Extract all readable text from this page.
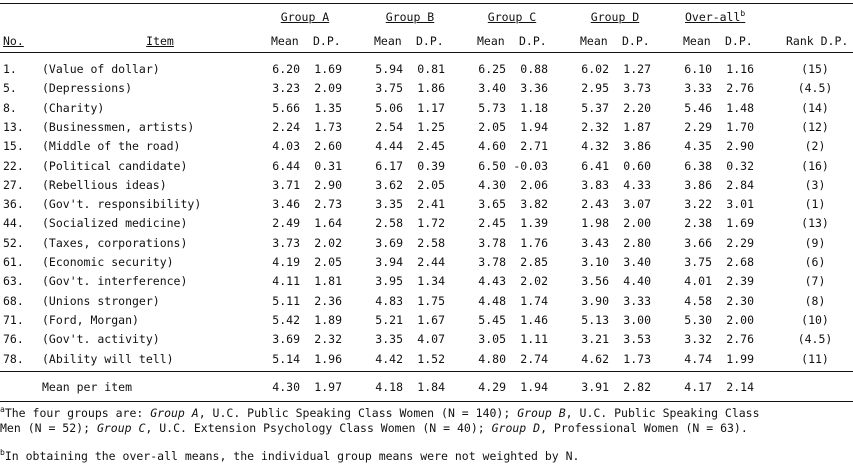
Group A	Group B	Group C	Group D	Over-all$^b$
No.	Item	Mean D.P.	Mean D.P.	Mean D.P.	Mean D.P.	Mean D.P.	Rank D.P.
1.	(Value of dollar)	6.20	1.69	5.94	0.81	6.25	0.88	6.02	1.27	6.10	1.16	(15)
5.	(Depressions)	3.23	2.09	3.75	1.86	3.40	3.36	2.95	3.73	3.33	2.76	(4.5)
8.	(Charity)	5.66	1.35	5.06	1.17	5.73	1.18	5.37	2.20	5.46	1.48	(14)
13.	(Businessmen, artists)	2.24	1.73	2.54	1.25	2.05	1.94	2.32	1.87	2.29	1.70	(12)
15.	(Middle of the road)	4.03	2.60	4.44	2.45	4.60	2.71	4.32	3.86	4.35	2.90	(2)
22.	(Political candidate)	6.44	0.31	6.17	0.39	6.50 -0.03	6.41	0.60	6.38	0.32	(16)
27.	(Rebellious ideas)	3.71	2.90	3.62	2.05	4.30	2.06	3.83	4.33	3.86	2.84	(3)
36.	(Gov't. responsibility)	3.46	2.73	3.35	2.41	3.65	3.82	2.43	3.07	3.22	3.01	(1)
44.	(Socialized medicine)	2.49	1.64	2.58	1.72	2.45	1.39	1.98	2.00	2.38	1.69	(13)
52.	(Taxes, corporations)	3.73	2.02	3.69	2.58	3.78	1.76	3.43	2.80	3.66	2.29	(9)
61.	(Economic security)	4.19	2.05	3.94	2.44	3.78	2.85	3.10	3.40	3.75	2.68	(6)
63.	(Gov't. interference)	4.11	1.81	3.95	1.34	4.43	2.02	3.56	4.40	4.01	2.39	(7)
68.	(Unions stronger)	5.11	2.36	4.83	1.75	4.48	1.74	3.90	3.33	4.58	2.30	(8)
71.	(Ford, Morgan)	5.42	1.89	5.21	1.67	5.45	1.46	5.13	3.00	5.30	2.00	(10)
76.	(Gov't. activity)	3.69	2.32	3.35	4.07	3.05	1.11	3.21	3.53	3.32	2.76	(4.5)
78.	(Ability will tell)	5.14	1.96	4.42	1.52	4.80	2.74	4.62	1.73	4.74	1.99	(11)
Mean per item	4.30	1.97	4.18	1.84	4.29	1.94	3.91	2.82	4.17	2.14
$^a$The four groups are: Group A, U.C. Public Speaking Class Women (N = 140); Group B, U.C. Public Speaking Class
Men (N = 52); Group C, U.C. Extension Psychology Class Women (N = 40); Group D, Professional Women (N = 63).
$^b$In obtaining the over-all means, the individual group means were not weighted by N.
